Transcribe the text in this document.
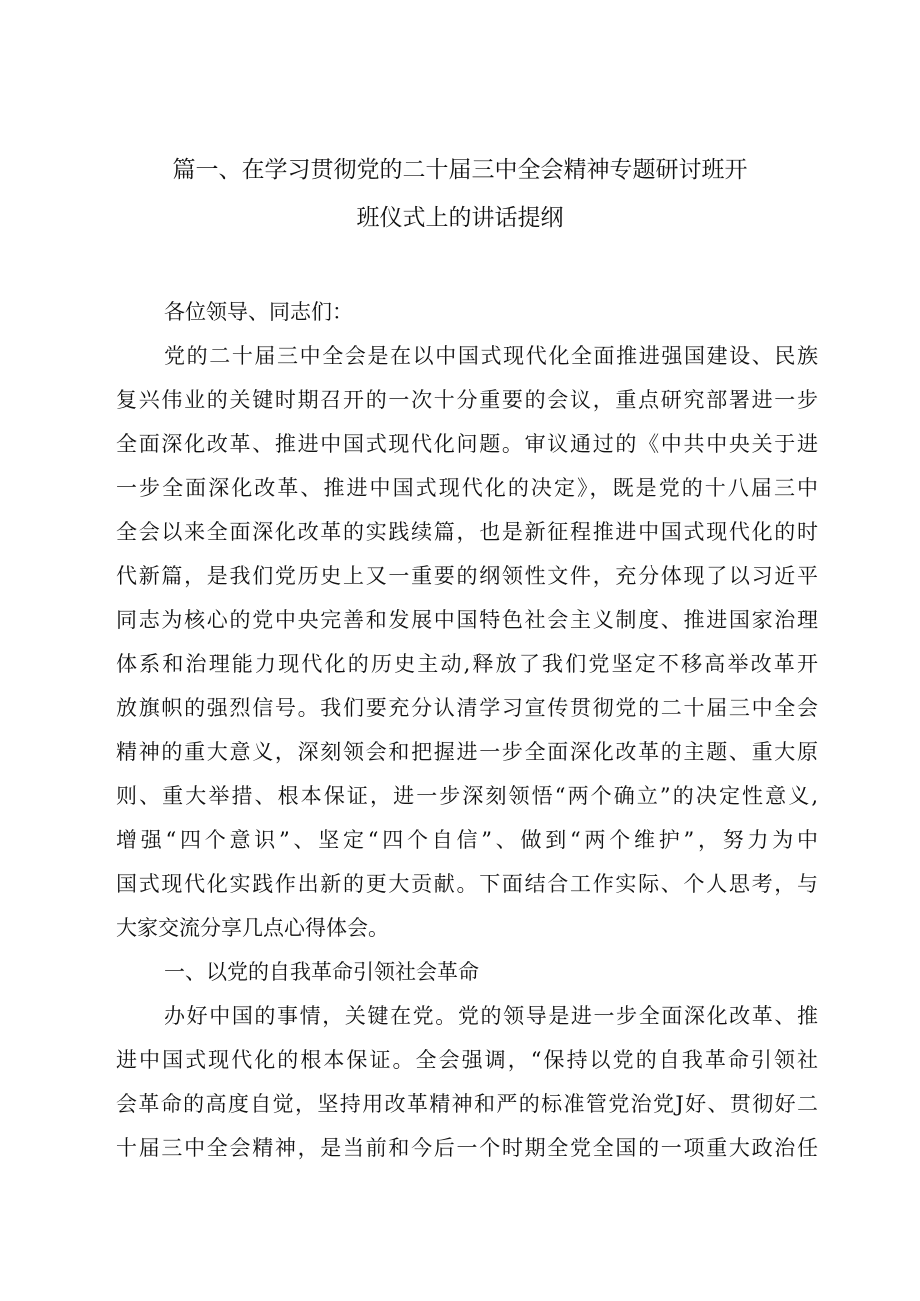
篇一、在学习贯彻党的二十届三中全会精神专题研讨班开
班仪式上的讲话提纲
各位领导、同志们：
党的二十届三中全会是在以中国式现代化全面推进强国建设、民族
复兴伟业的关键时期召开的一次十分重要的会议，重点研究部署进一步
全面深化改革、推进中国式现代化问题。审议通过的《中共中央关于进
一步全面深化改革、推进中国式现代化的决定》，既是党的十八届三中
全会以来全面深化改革的实践续篇，也是新征程推进中国式现代化的时
代新篇，是我们党历史上又一重要的纲领性文件，充分体现了以习近平
同志为核心的党中央完善和发展中国特色社会主义制度、推进国家治理
体系和治理能力现代化的历史主动,释放了我们党坚定不移高举改革开
放旗帜的强烈信号。我们要充分认清学习宣传贯彻党的二十届三中全会
精神的重大意义，深刻领会和把握进一步全面深化改革的主题、重大原
则、重大举措、根本保证，进一步深刻领悟“两个确立”的决定性意义,
增强“四个意识”、坚定“四个自信”、做到“两个维护”，努力为中
国式现代化实践作出新的更大贡献。下面结合工作实际、个人思考，与
大家交流分享几点心得体会。
一、以党的自我革命引领社会革命
办好中国的事情，关键在党。党的领导是进一步全面深化改革、推
进中国式现代化的根本保证。全会强调，“保持以党的自我革命引领社
会革命的高度自觉，坚持用改革精神和严的标准管党治党J好、贯彻好二
十届三中全会精神，是当前和今后一个时期全党全国的一项重大政治任
